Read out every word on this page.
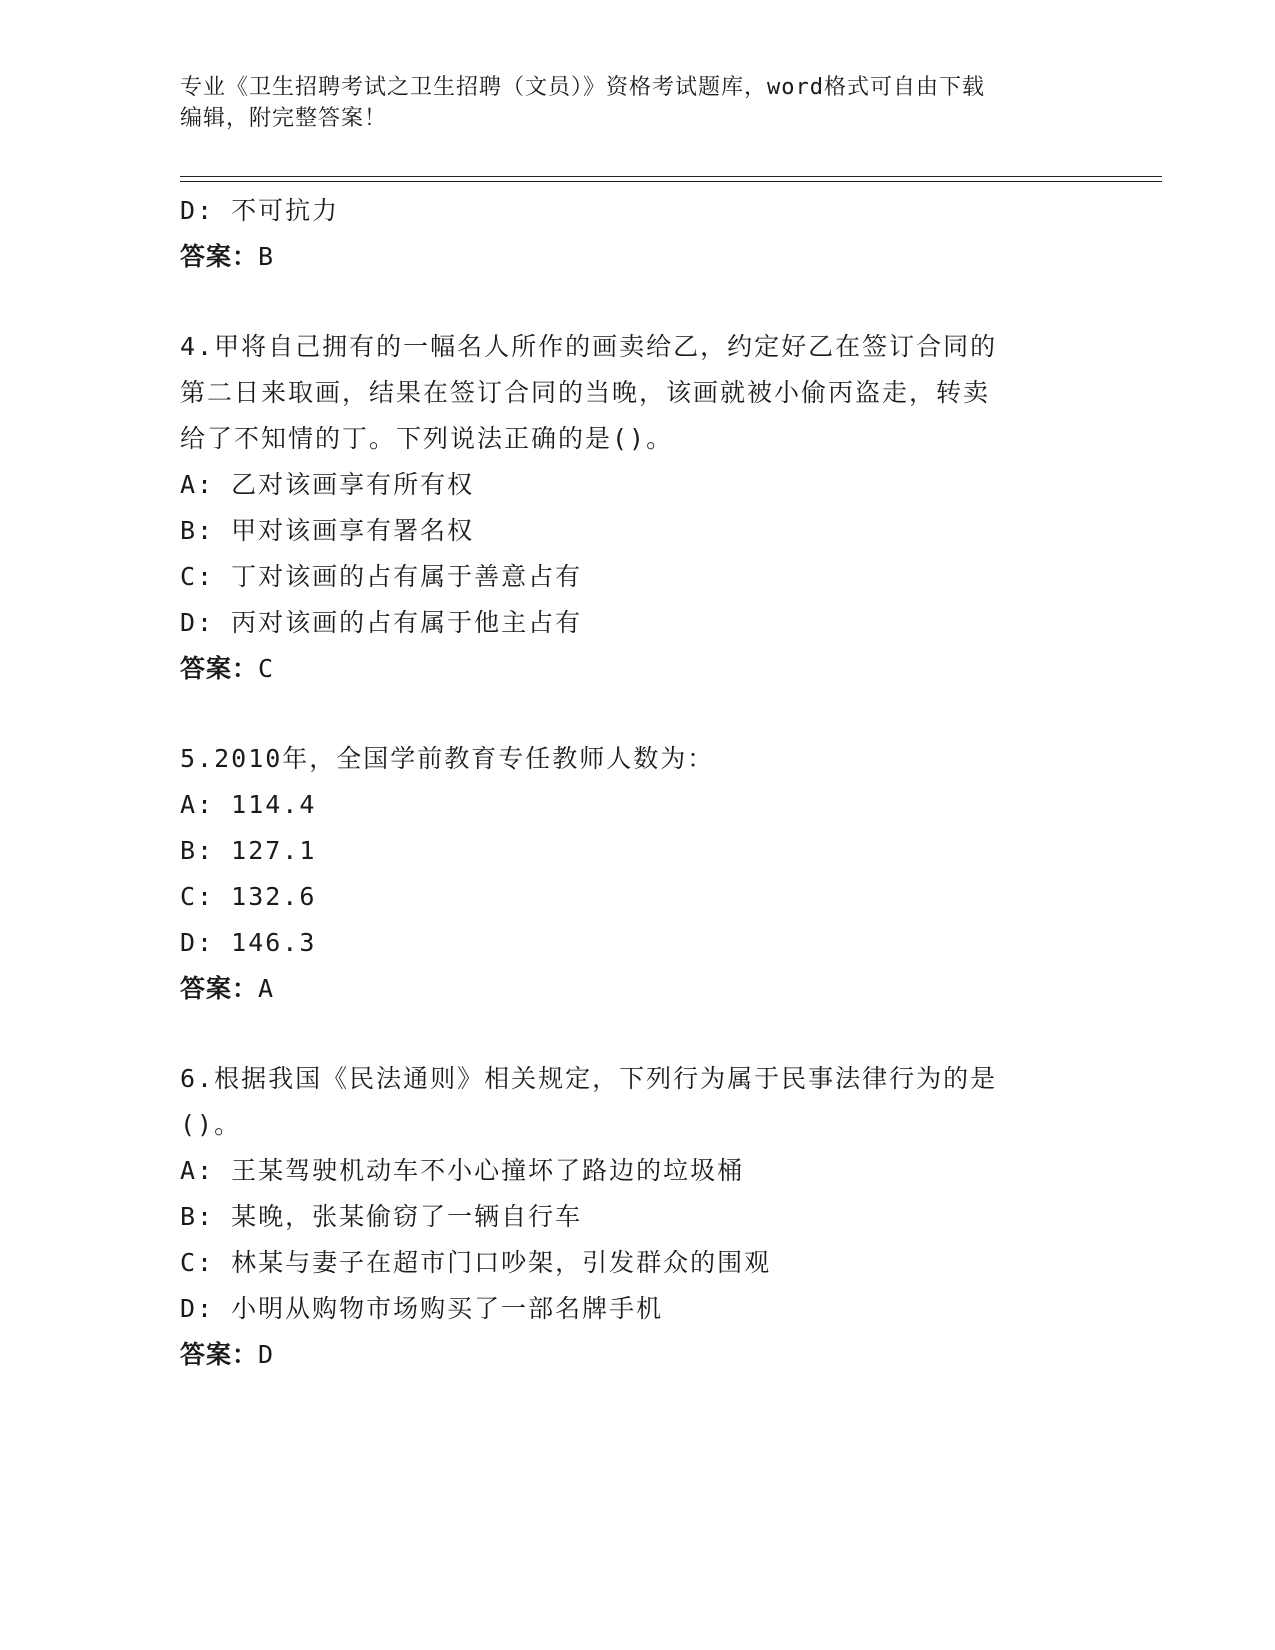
专业《卫生招聘考试之卫生招聘（文员）》资格考试题库，word格式可自由下载
编辑，附完整答案！
D: 不可抗力
答案：B
4.甲将自己拥有的一幅名人所作的画卖给乙，约定好乙在签订合同的
第二日来取画，结果在签订合同的当晚，该画就被小偷丙盗走，转卖
给了不知情的丁。下列说法正确的是()。
A: 乙对该画享有所有权
B: 甲对该画享有署名权
C: 丁对该画的占有属于善意占有
D: 丙对该画的占有属于他主占有
答案：C
5.2010年，全国学前教育专任教师人数为：
A: 114.4
B: 127.1
C: 132.6
D: 146.3
答案：A
6.根据我国《民法通则》相关规定，下列行为属于民事法律行为的是
()。
A: 王某驾驶机动车不小心撞坏了路边的垃圾桶
B: 某晚，张某偷窃了一辆自行车
C: 林某与妻子在超市门口吵架，引发群众的围观
D: 小明从购物市场购买了一部名牌手机
答案：D
